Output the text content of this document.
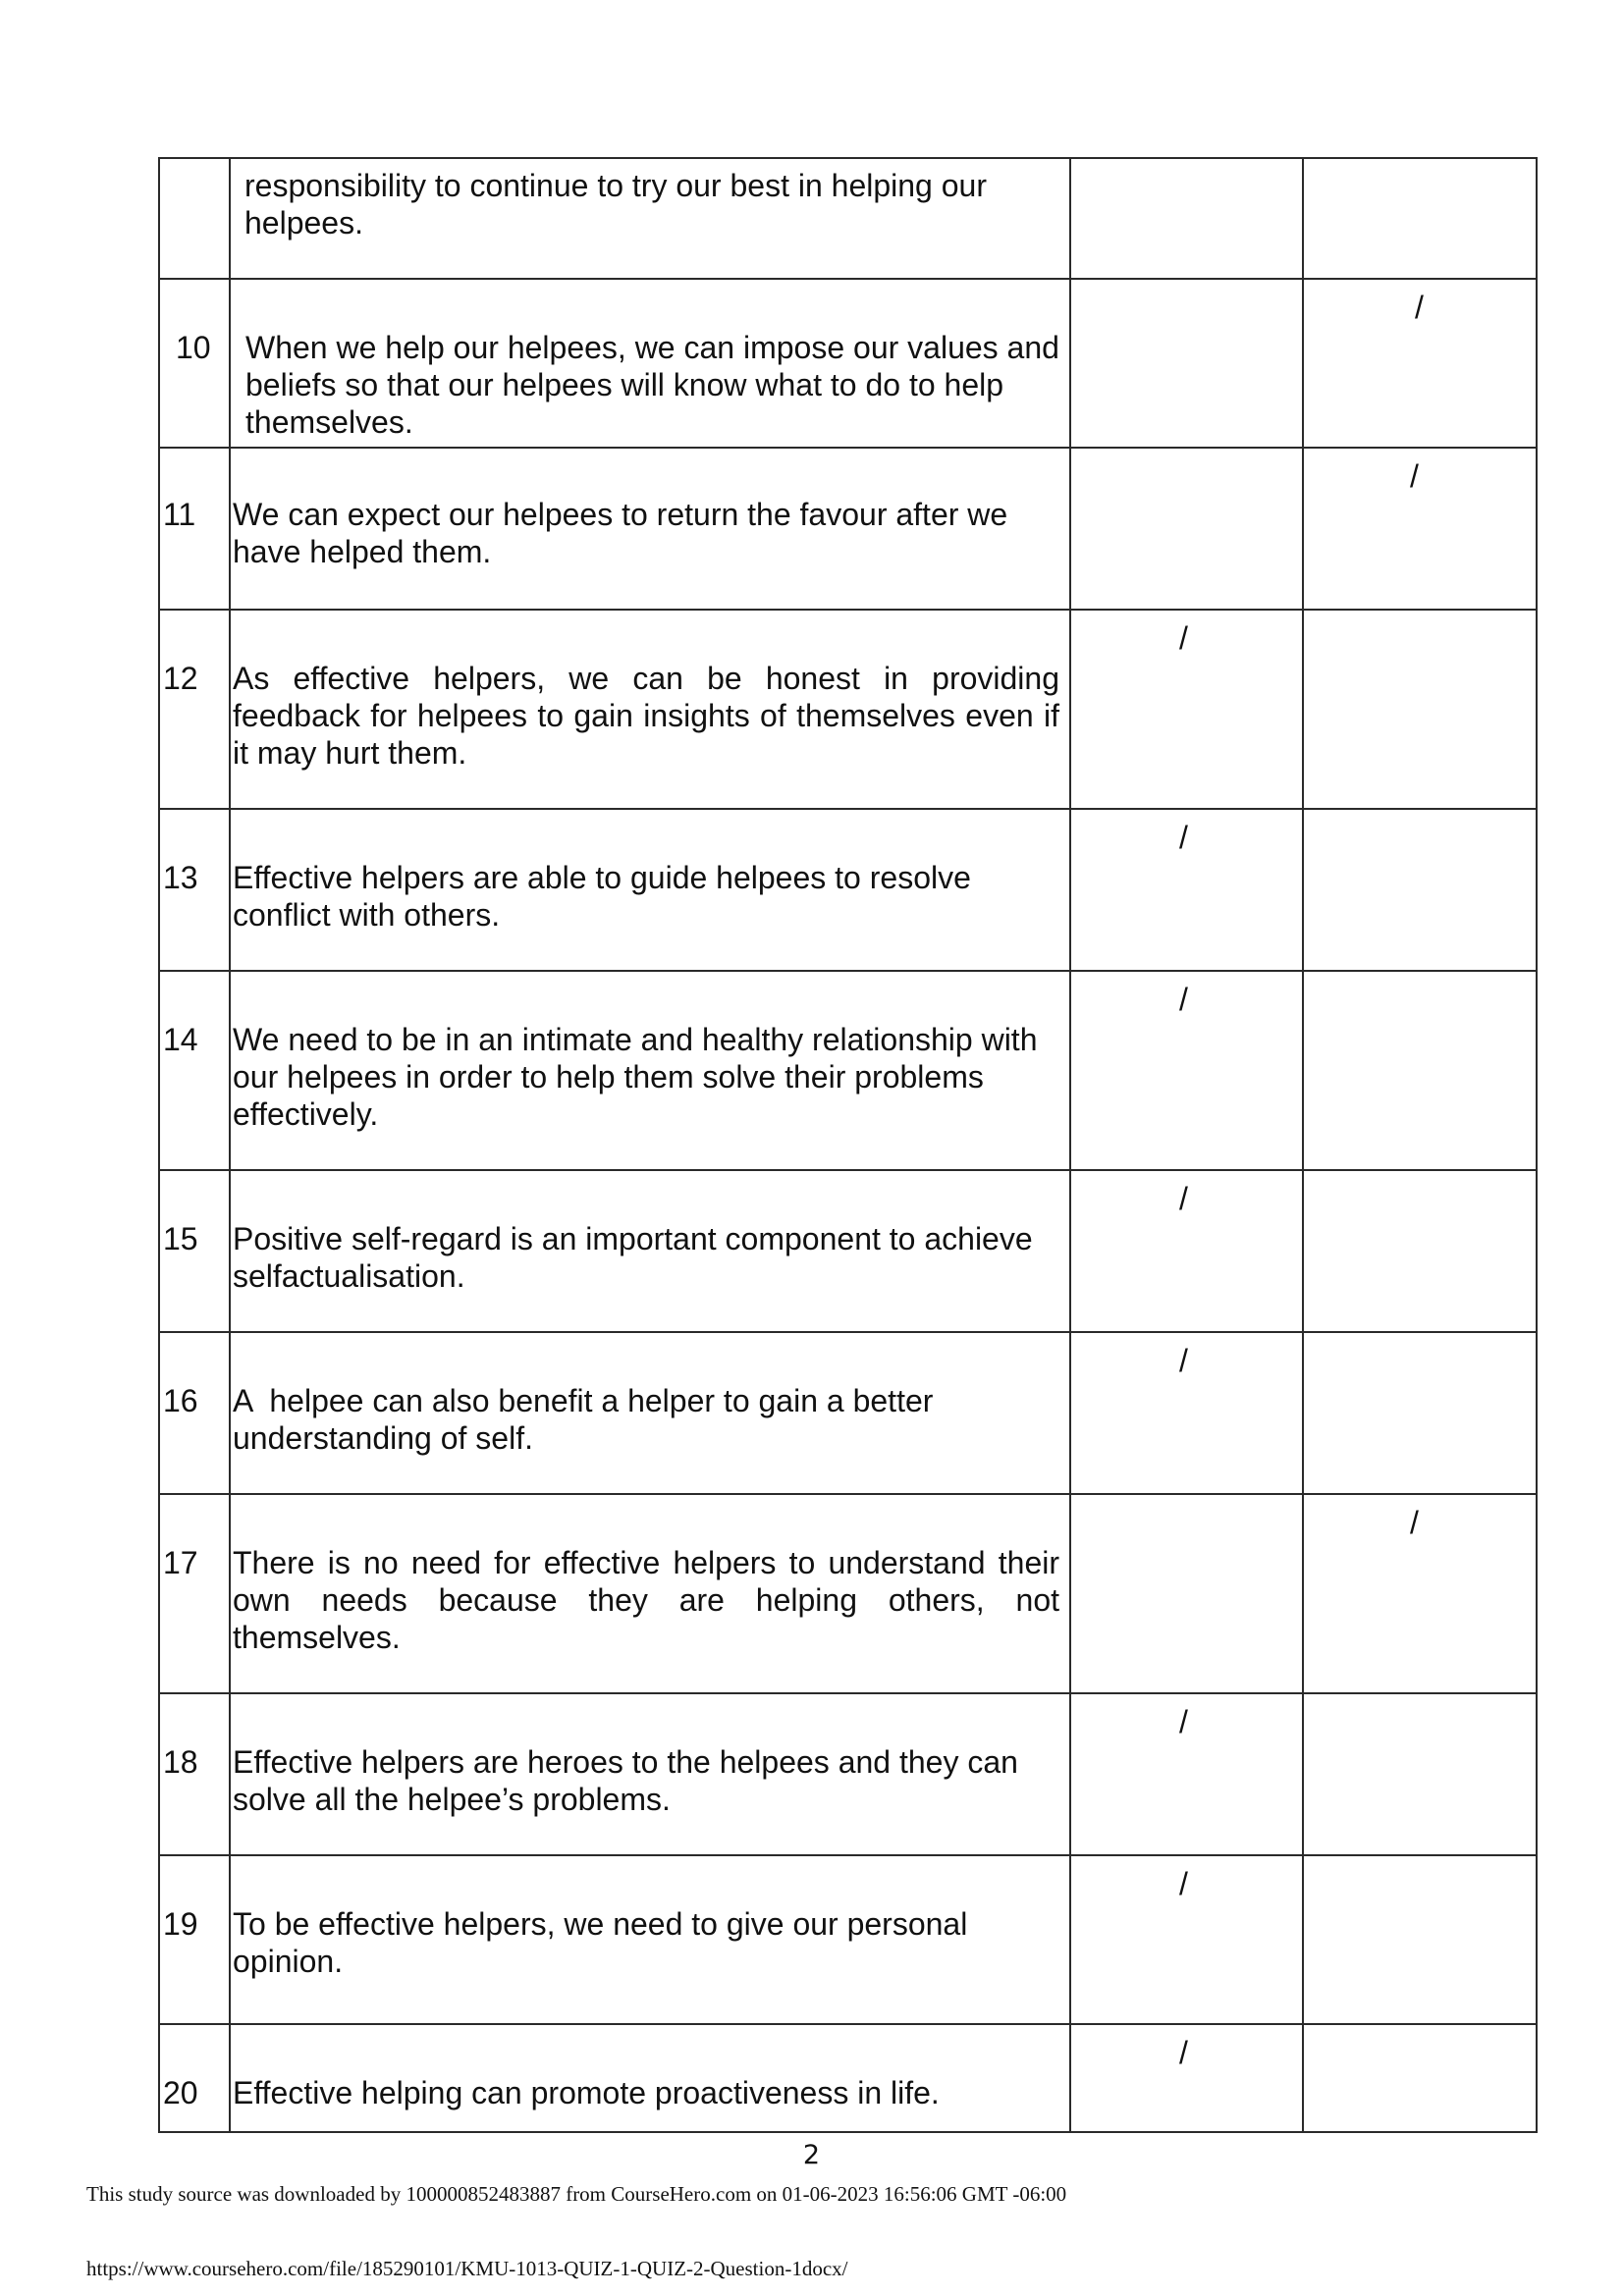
	responsibility to continue to try our best in helping our helpees.		

10	When we help our helpees, we can impose our values and beliefs so that our helpees will know what to do to help themselves.		/

11	We can expect our helpees to return the favour after we have helped them.		/

12	As effective helpers, we can be honest in providing feedback for helpees to gain insights of themselves even if it may hurt them.	/	

13	Effective helpers are able to guide helpees to resolve conflict with others.	/	

14	We need to be in an intimate and healthy relationship with our helpees in order to help them solve their problems effectively.	/	

15	Positive self-regard is an important component to achieve selfactualisation.	/	

16	A  helpee can also benefit a helper to gain a better understanding of self.	/	

17	There is no need for effective helpers to understand their own needs because they are helping others, not themselves.		/

18	Effective helpers are heroes to the helpees and they can solve all the helpee’s problems.	/	

19	To be effective helpers, we need to give our personal opinion.	/	

20	Effective helping can promote proactiveness in life.	/	

2
This study source was downloaded by 100000852483887 from CourseHero.com on 01-06-2023 16:56:06 GMT -06:00
https://www.coursehero.com/file/185290101/KMU-1013-QUIZ-1-QUIZ-2-Question-1docx/
